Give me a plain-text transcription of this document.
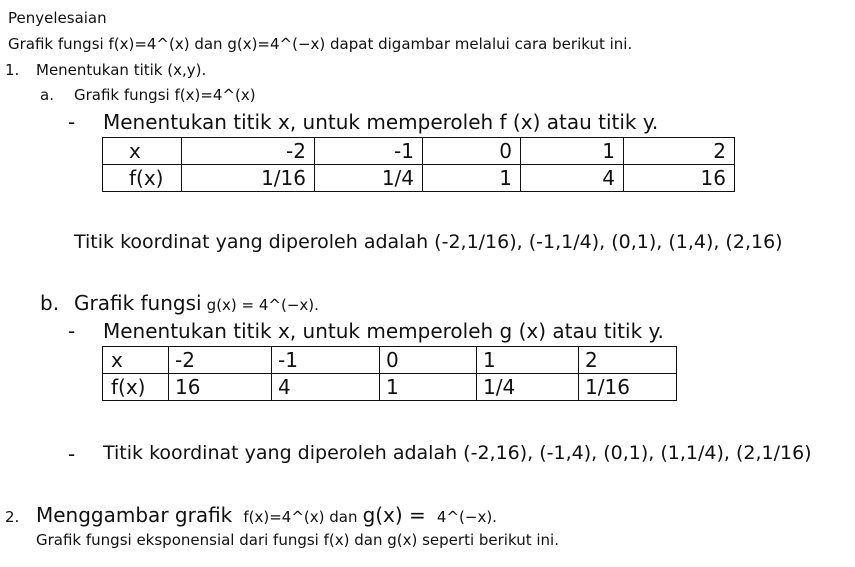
Penyelesaian
Grafik fungsi f(x)=4^(x) dan g(x)=4^(−x) dapat digambar melalui cara berikut ini.
1. Menentukan titik (x,y).
a. Grafik fungsi f(x)=4^(x)
- Menentukan titik x, untuk memperoleh f (x) atau titik y.
x	-2	-1	0	1	2
f(x)	1/16	1/4	1	4	16
Titik koordinat yang diperoleh adalah (-2,1/16), (-1,1/4), (0,1), (1,4), (2,16)
b. Grafik fungsi g(x) = 4^(−x).
- Menentukan titik x, untuk memperoleh g (x) atau titik y.
x	-2	-1	0	1	2
f(x)	16	4	1	1/4	1/16
- Titik koordinat yang diperoleh adalah (-2,16), (-1,4), (0,1), (1,1/4), (2,1/16)
2. Menggambar grafik f(x)=4^(x) dan g(x) = 4^(−x).
Grafik fungsi eksponensial dari fungsi f(x) dan g(x) seperti berikut ini.
